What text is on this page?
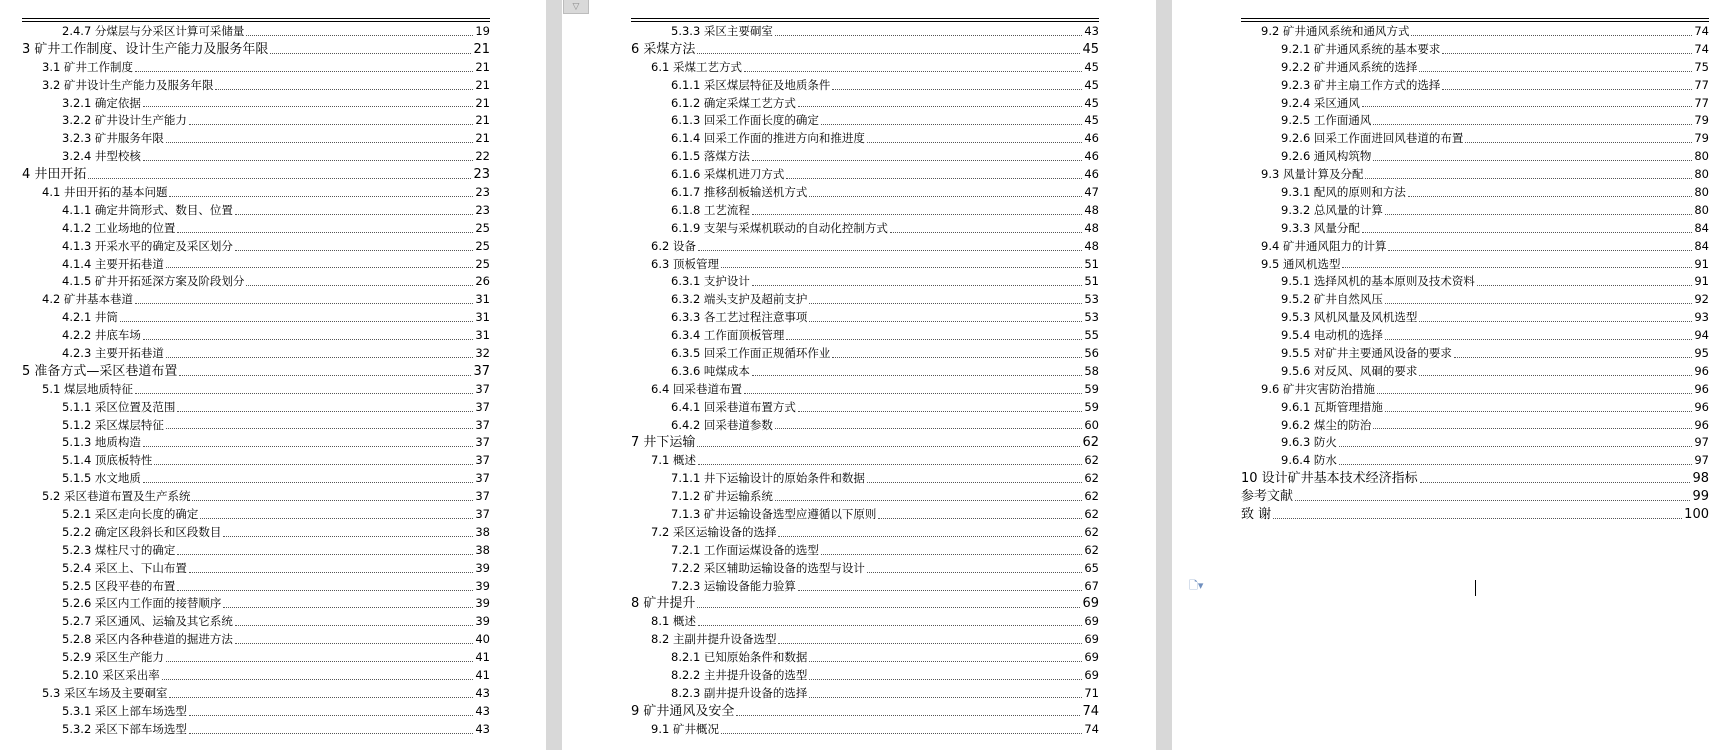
2.4.7 分煤层与分采区计算可采储量	19
3 矿井工作制度、设计生产能力及服务年限	21
3.1 矿井工作制度	21
3.2 矿井设计生产能力及服务年限	21
3.2.1 确定依据	21
3.2.2 矿井设计生产能力	21
3.2.3 矿井服务年限	21
3.2.4 井型校核	22
4 井田开拓	23
4.1 井田开拓的基本问题	23
4.1.1 确定井筒形式、数目、位置	23
4.1.2 工业场地的位置	25
4.1.3 开采水平的确定及采区划分	25
4.1.4 主要开拓巷道	25
4.1.5 矿井开拓延深方案及阶段划分	26
4.2 矿井基本巷道	31
4.2.1 井筒	31
4.2.2 井底车场	31
4.2.3 主要开拓巷道	32
5 准备方式—采区巷道布置	37
5.1 煤层地质特征	37
5.1.1 采区位置及范围	37
5.1.2 采区煤层特征	37
5.1.3 地质构造	37
5.1.4 顶底板特性	37
5.1.5 水文地质	37
5.2 采区巷道布置及生产系统	37
5.2.1 采区走向长度的确定	37
5.2.2 确定区段斜长和区段数目	38
5.2.3 煤柱尺寸的确定	38
5.2.4 采区上、下山布置	39
5.2.5 区段平巷的布置	39
5.2.6 采区内工作面的接替顺序	39
5.2.7 采区通风、运输及其它系统	39
5.2.8 采区内各种巷道的掘进方法	40
5.2.9 采区生产能力	41
5.2.10 采区采出率	41
5.3 采区车场及主要硐室	43
5.3.1 采区上部车场选型	43
5.3.2 采区下部车场选型	43
5.3.3 采区主要硐室	43
6 采煤方法	45
6.1 采煤工艺方式	45
6.1.1 采区煤层特征及地质条件	45
6.1.2 确定采煤工艺方式	45
6.1.3 回采工作面长度的确定	45
6.1.4 回采工作面的推进方向和推进度	46
6.1.5 落煤方法	46
6.1.6 采煤机进刀方式	46
6.1.7 推移刮板输送机方式	47
6.1.8 工艺流程	48
6.1.9 支架与采煤机联动的自动化控制方式	48
6.2 设备	48
6.3 顶板管理	51
6.3.1 支护设计	51
6.3.2 端头支护及超前支护	53
6.3.3 各工艺过程注意事项	53
6.3.4 工作面顶板管理	55
6.3.5 回采工作面正规循环作业	56
6.3.6 吨煤成本	58
6.4 回采巷道布置	59
6.4.1 回采巷道布置方式	59
6.4.2 回采巷道参数	60
7 井下运输	62
7.1 概述	62
7.1.1 井下运输设计的原始条件和数据	62
7.1.2 矿井运输系统	62
7.1.3 矿井运输设备选型应遵循以下原则	62
7.2 采区运输设备的选择	62
7.2.1 工作面运煤设备的选型	62
7.2.2 采区辅助运输设备的选型与设计	65
7.2.3 运输设备能力验算	67
8 矿井提升	69
8.1 概述	69
8.2 主副井提升设备选型	69
8.2.1 已知原始条件和数据	69
8.2.2 主井提升设备的选型	69
8.2.3 副井提升设备的选择	71
9 矿井通风及安全	74
9.1 矿井概况	74
▽
9.2 矿井通风系统和通风方式	74
9.2.1 矿井通风系统的基本要求	74
9.2.2 矿井通风系统的选择	75
9.2.3 矿井主扇工作方式的选择	77
9.2.4 采区通风	77
9.2.5 工作面通风	79
9.2.6 回采工作面进回风巷道的布置	79
9.2.6 通风构筑物	80
9.3 风量计算及分配	80
9.3.1 配风的原则和方法	80
9.3.2 总风量的计算	80
9.3.3 风量分配	84
9.4 矿井通风阻力的计算	84
9.5 通风机选型	91
9.5.1 选择风机的基本原则及技术资料	91
9.5.2 矿井自然风压	92
9.5.3 风机风量及风机选型	93
9.5.4 电动机的选择	94
9.5.5 对矿井主要通风设备的要求	95
9.5.6 对反风、风硐的要求	96
9.6 矿井灾害防治措施	96
9.6.1 瓦斯管理措施	96
9.6.2 煤尘的防治	96
9.6.3 防火	97
9.6.4 防水	97
10 设计矿井基本技术经济指标	98
参考文献	99
致 谢	100
🗋▾
